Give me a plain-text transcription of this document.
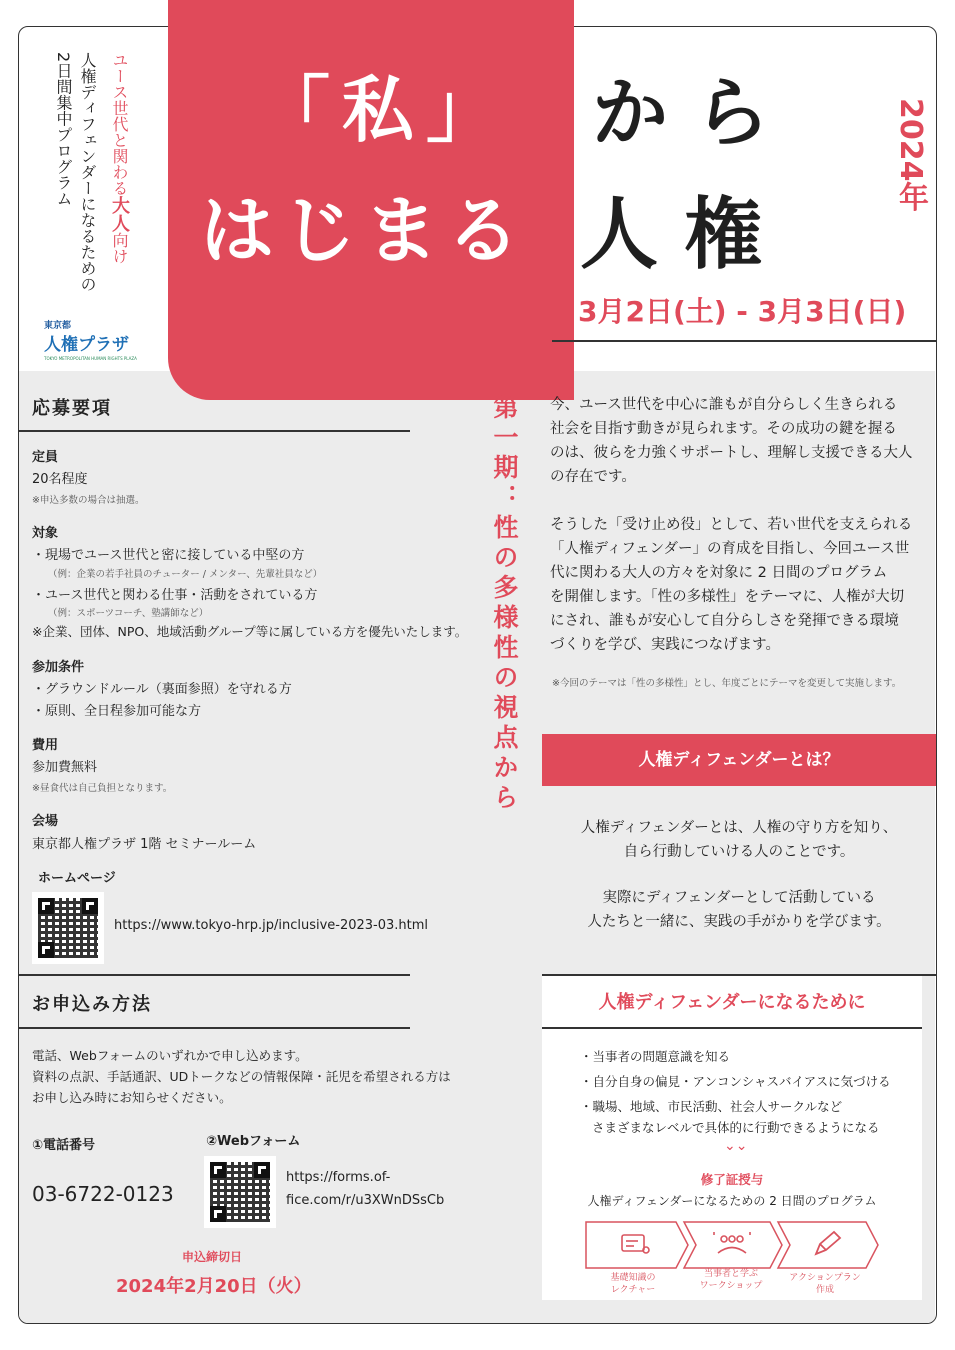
「私」
はじまる
から
人権
2024年
3月2日(土) - 3月3日(日)
ユース世代と関わる大人向け
人権ディフェンダーになるための
2日間集中プログラム
東京都
人権プラザ
TOKYO METROPOLITAN HUMAN RIGHTS PLAZA
第一期：性の多様性の視点から
応募要項
定員
20名程度
※申込多数の場合は抽選。
対象
・現場でユース世代と密に接している中堅の方
（例：企業の若手社員のチューター / メンター、先輩社員など）
・ユース世代と関わる仕事・活動をされている方
（例：スポーツコーチ、塾講師など）
※企業、団体、NPO、地域活動グループ等に属している方を優先いたします。
参加条件
・グラウンドルール（裏面参照）を守れる方
・原則、全日程参加可能な方
費用
参加費無料
※昼食代は自己負担となります。
会場
東京都人権プラザ 1階 セミナールーム
ホームページ
https://www.tokyo-hrp.jp/inclusive-2023-03.html
お申込み方法
電話、Webフォームのいずれかで申し込めます。
資料の点訳、手話通訳、UDトークなどの情報保障・託児を希望される方は
お申し込み時にお知らせください。
①電話番号
03-6722-0123
②Webフォーム
https://forms.of-
fice.com/r/u3XWnDSsCb
申込締切日
2024年2月20日（火）
今、ユース世代を中心に誰もが自分らしく生きられる
社会を目指す動きが見られます。その成功の鍵を握る
のは、彼らを力強くサポートし、理解し支援できる大人
の存在です。
そうした「受け止め役」として、若い世代を支えられる
「人権ディフェンダー」の育成を目指し、今回ユース世
代に関わる大人の方々を対象に 2 日間のプログラム
を開催します。「性の多様性」をテーマに、人権が大切
にされ、誰もが安心して自分らしさを発揮できる環境
づくりを学び、実践につなげます。
※今回のテーマは「性の多様性」とし、年度ごとにテーマを変更して実施します。
人権ディフェンダーとは？
人権ディフェンダーとは、人権の守り方を知り、
自ら行動していける人のことです。
実際にディフェンダーとして活動している
人たちと一緒に、実践の手がかりを学びます。
人権ディフェンダーになるために
・当事者の問題意識を知る
・自分自身の偏見・アンコンシャスバイアスに気づける
・職場、地域、市民活動、社会人サークルなど
さまざまなレベルで具体的に行動できるようになる
⌄⌄
修了証授与
人権ディフェンダーになるための 2 日間のプログラム
基礎知識の
レクチャー
当事者と学ぶ
ワークショップ
アクションプラン
作成
